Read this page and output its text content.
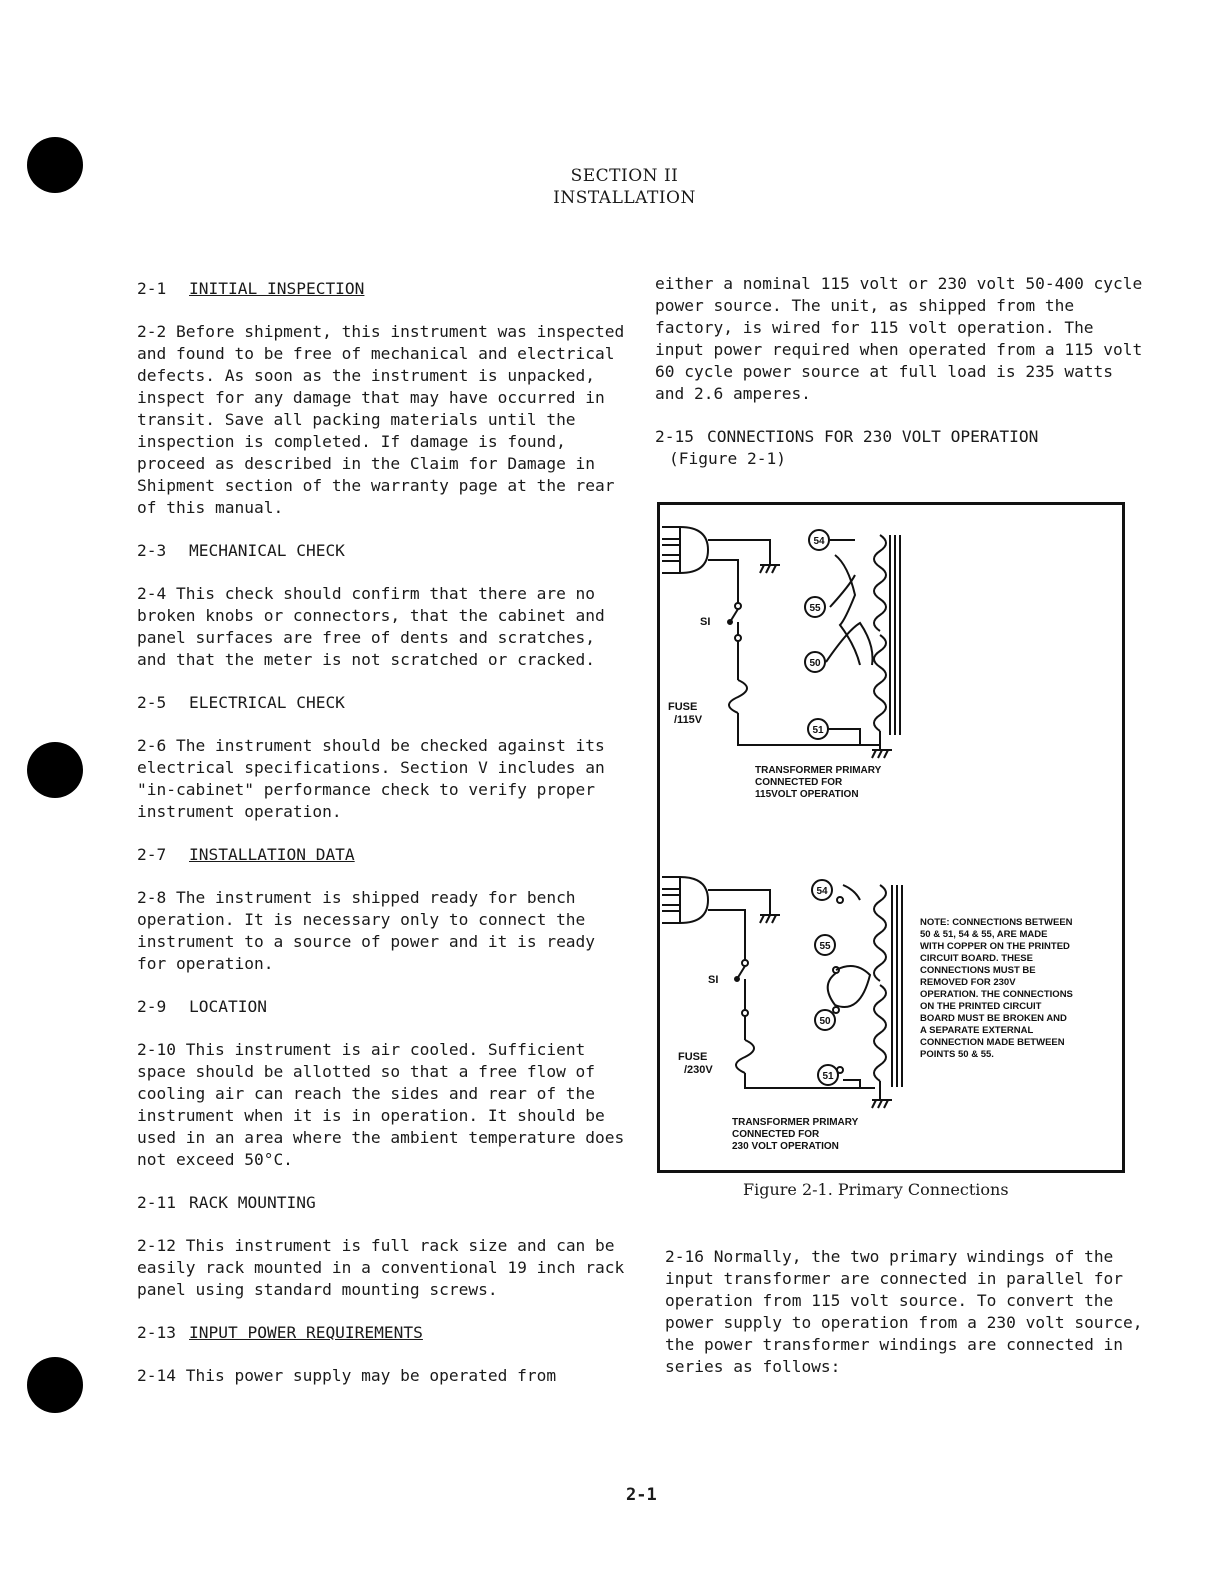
SECTION II
INSTALLATION
2-1 INITIAL INSPECTION
2-2 Before shipment, this instrument was inspected and found to be free of mechanical and electrical defects. As soon as the instrument is unpacked, inspect for any damage that may have occurred in transit. Save all packing materials until the inspection is completed. If damage is found, proceed as described in the Claim for Damage in Shipment section of the warranty page at the rear of this manual.
2-3 MECHANICAL CHECK
2-4 This check should confirm that there are no broken knobs or connectors, that the cabinet and panel surfaces are free of dents and scratches, and that the meter is not scratched or cracked.
2-5 ELECTRICAL CHECK
2-6 The instrument should be checked against its electrical specifications. Section V includes an "in-cabinet" performance check to verify proper instrument operation.
2-7 INSTALLATION DATA
2-8 The instrument is shipped ready for bench operation. It is necessary only to connect the instrument to a source of power and it is ready for operation.
2-9 LOCATION
2-10 This instrument is air cooled. Sufficient space should be allotted so that a free flow of cooling air can reach the sides and rear of the instrument when it is in operation. It should be used in an area where the ambient temperature does not exceed 50°C.
2-11 RACK MOUNTING
2-12 This instrument is full rack size and can be easily rack mounted in a conventional 19 inch rack panel using standard mounting screws.
2-13 INPUT POWER REQUIREMENTS
2-14 This power supply may be operated from
either a nominal 115 volt or 230 volt 50-400 cycle power source. The unit, as shipped from the factory, is wired for 115 volt operation. The input power required when operated from a 115 volt 60 cycle power source at full load is 235 watts and 2.6 amperes.
2-15 CONNECTIONS FOR 230 VOLT OPERATION
(Figure 2-1)
2-16 Normally, the two primary windings of the input transformer are connected in parallel for operation from 115 volt source. To convert the power supply to operation from a 230 volt source, the power transformer windings are connected in series as follows:
SI
FUSE
/115V
54
55
50
51
TRANSFORMER PRIMARY
CONNECTED FOR
115VOLT OPERATION
SI
FUSE
/230V
54
55
50
51
TRANSFORMER PRIMARY
CONNECTED FOR
230 VOLT OPERATION
NOTE: CONNECTIONS BETWEEN
50 & 51, 54 & 55, ARE MADE
WITH COPPER ON THE PRINTED
CIRCUIT BOARD. THESE
CONNECTIONS MUST BE
REMOVED FOR 230V
OPERATION. THE CONNECTIONS
ON THE PRINTED CIRCUIT
BOARD MUST BE BROKEN AND
A SEPARATE EXTERNAL
CONNECTION MADE BETWEEN
POINTS 50 & 55.
Figure 2-1. Primary Connections
2-1
